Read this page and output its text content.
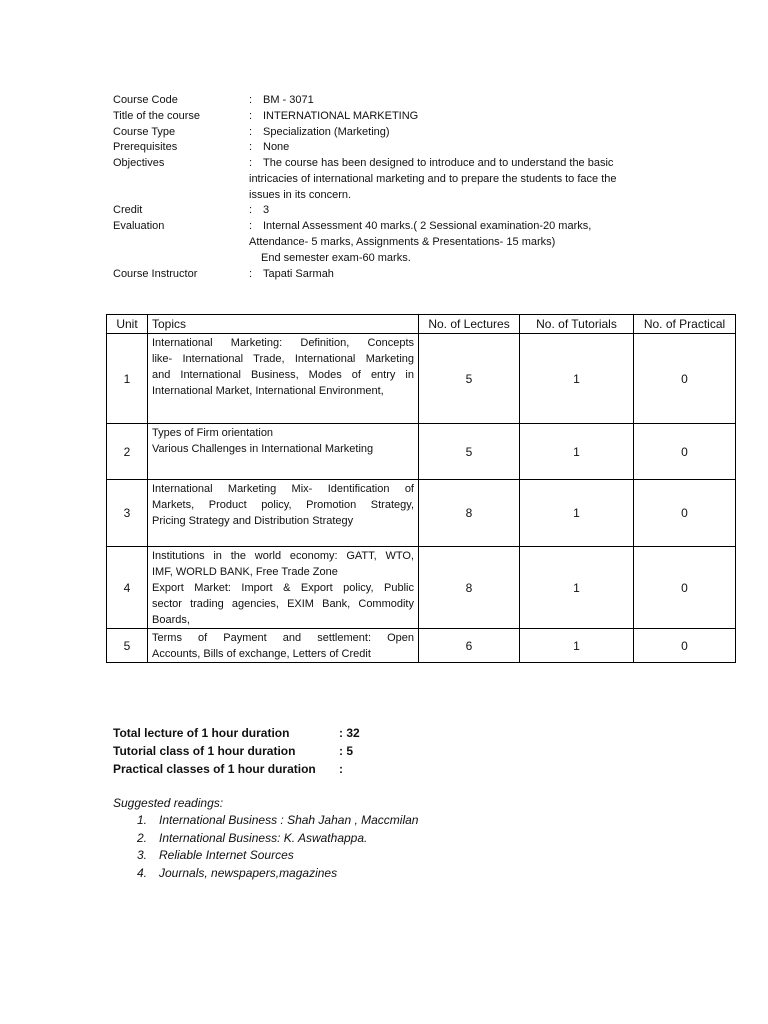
Course Code	: BM - 3071
Title of the course	: INTERNATIONAL MARKETING
Course Type	: Specialization (Marketing)
Prerequisites	: None
Objectives	: The course has been designed to introduce and to understand the basic
intricacies of international marketing and to prepare the students to face the
issues in its concern.
Credit	: 3
Evaluation	: Internal Assessment 40 marks.( 2 Sessional examination-20 marks,
Attendance- 5 marks, Assignments & Presentations- 15 marks)
End semester exam-60 marks.
Course Instructor	: Tapati Sarmah
Unit	Topics	No. of Lectures	No. of Tutorials	No. of Practical
1	International Marketing: Definition, Concepts
like- International Trade, International Marketing
and International Business, Modes of entry in
International Market, International Environment,	5	1	0
2	Types of Firm orientation
Various Challenges in International Marketing	5	1	0
3	International Marketing Mix- Identification of
Markets, Product policy, Promotion Strategy,
Pricing Strategy and Distribution Strategy	8	1	0
4	Institutions in the world economy: GATT, WTO,
IMF, WORLD BANK, Free Trade Zone
Export Market: Import & Export policy, Public
sector trading agencies, EXIM Bank, Commodity
Boards,	8	1	0
5	Terms of Payment and settlement: Open
Accounts, Bills of exchange, Letters of Credit	6	1	0
Total lecture of 1 hour duration	: 32
Tutorial class of 1 hour duration	: 5
Practical classes of 1 hour duration :
Suggested readings:
1. International Business : Shah Jahan , Maccmilan
2. International Business: K. Aswathappa.
3. Reliable Internet Sources
4. Journals, newspapers,magazines
